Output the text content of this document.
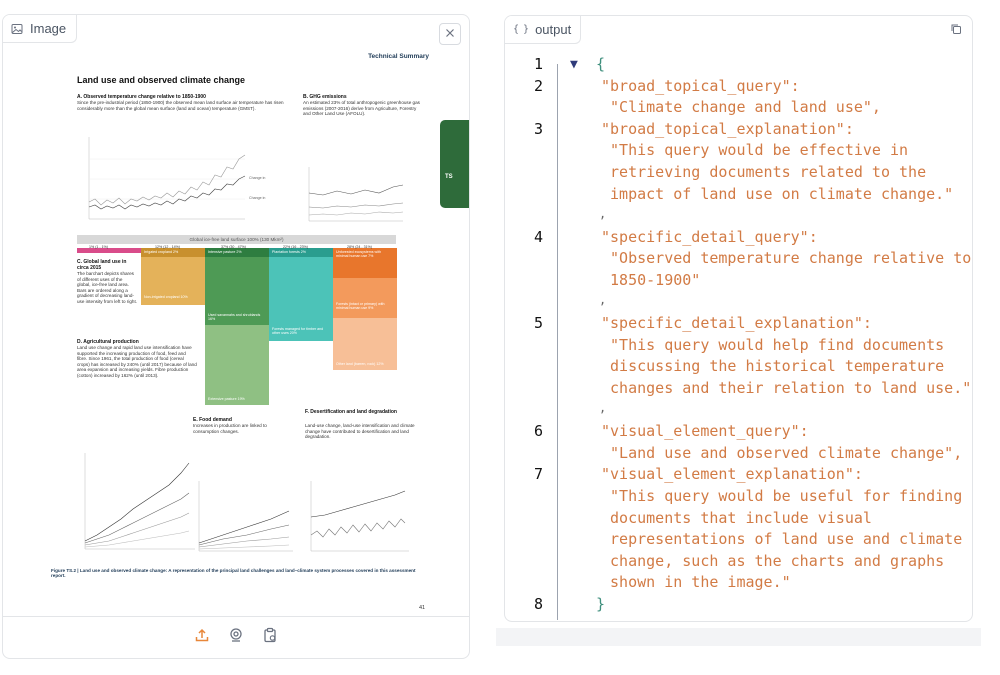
Image
Technical Summary
Land use and observed climate change
A. Observed temperature change relative to 1850-1900
Since the pre-industrial period (1850-1900) the observed mean land surface air temperature has risen considerably more than the global mean surface (land and ocean) temperature (GMST).
Change in
Change in
B. GHG emissions
An estimated 23% of total anthropogenic greenhouse gas emissions (2007-2016) derive from Agriculture, Forestry and Other Land Use (AFOLU).
Global ice-free land surface 100% (130 Mkm²)
Irrigated cropland 2%
Non-irrigated cropland 10%
Intensive pasture 2%
Used savannahs and shrublands 16%
Extensive pasture 19%
Plantation forests 2%
Forests managed for timber and other uses 20%
Unforested ecosystems with minimal human use 7%
Forests (intact or primary) with minimal human use 9%
Other land (barren, rock) 12%
1% (1 - 1%)	12% (12 - 14%)	37% (30 - 47%)	22% (16 - 23%)	28% (24 - 31%)
C. Global land use in circa 2015
The barchart depicts shares of different uses of the global, ice-free land area. Bars are ordered along a gradient of decreasing land-use intensity from left to right.
D. Agricultural production
Land use change and rapid land use intensification have supported the increasing production of food, feed and fibre. Since 1961, the total production of food (cereal crops) has increased by 240% (until 2017) because of land area expansion and increasing yields. Fibre production (cotton) increased by 162% (until 2013).
E. Food demand
Increases in production are linked to consumption changes.
F. Desertification and land degradation
Land-use change, land-use intensification and climate change have contributed to desertification and land degradation.
Figure TS.2 | Land use and observed climate change: A representation of the principal land challenges and land–climate system processes covered in this assessment report.
41
TS
{ } output
▼
1	{
2	"broad_topical_query":
"Climate change and land use",
3	"broad_topical_explanation":
"This query would be effective in
retrieving documents related to the
impact of land use on climate change."
,
4	"specific_detail_query":
"Observed temperature change relative to
1850-1900"
,
5	"specific_detail_explanation":
"This query would help find documents
discussing the historical temperature
changes and their relation to land use."
,
6	"visual_element_query":
"Land use and observed climate change",
7	"visual_element_explanation":
"This query would be useful for finding
documents that include visual
representations of land use and climate
change, such as the charts and graphs
shown in the image."
8	}
